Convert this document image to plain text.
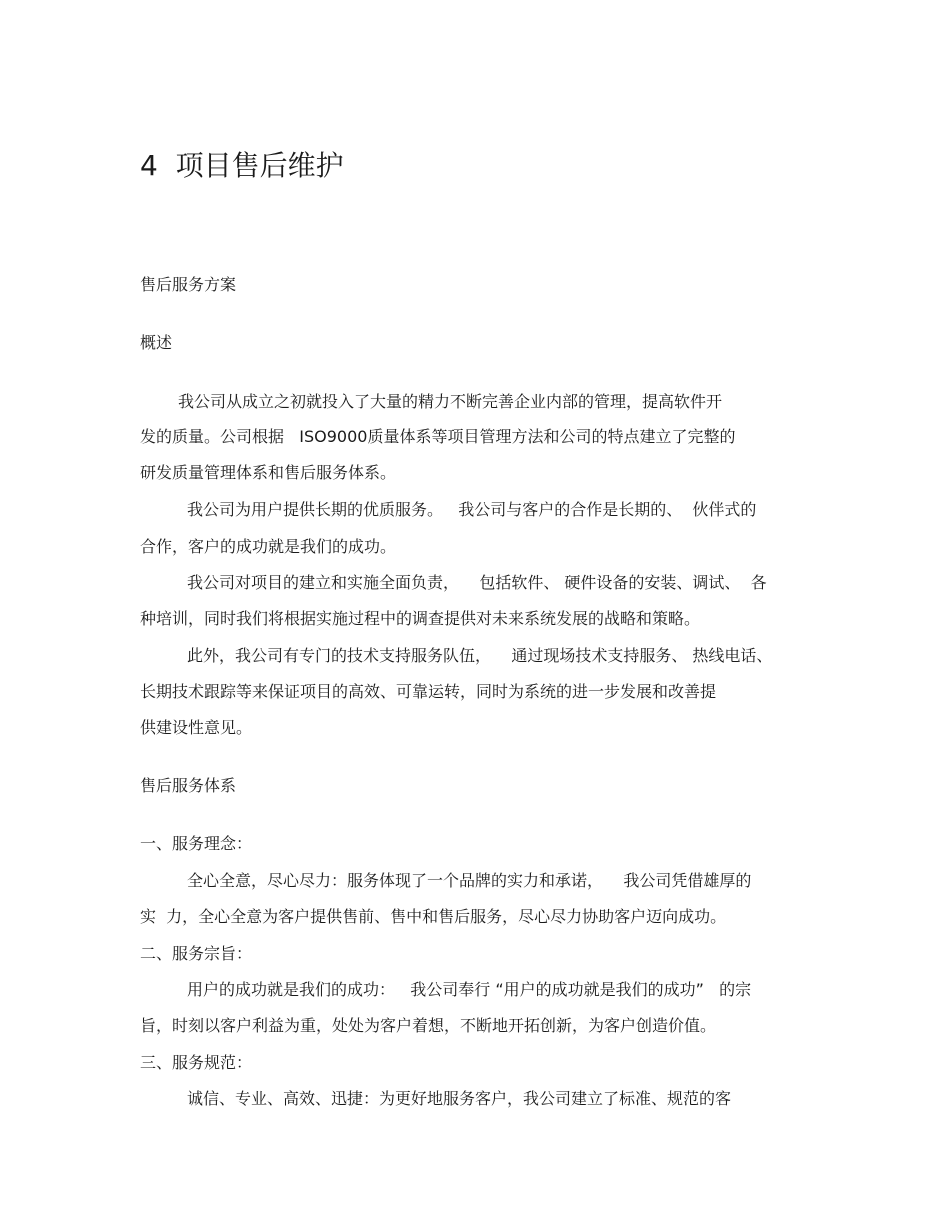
4  项目售后维护
售后服务方案
概述
我公司从成立之初就投入了大量的精力不断完善企业内部的管理，提高软件开
发的质量。公司根据   ISO9000质量体系等项目管理方法和公司的特点建立了完整的
研发质量管理体系和售后服务体系。
我公司为用户提供长期的优质服务。   我公司与客户的合作是长期的、  伙伴式的
合作，客户的成功就是我们的成功。
我公司对项目的建立和实施全面负责，    包括软件、 硬件设备的安装、调试、  各
种培训，同时我们将根据实施过程中的调查提供对未来系统发展的战略和策略。
此外，我公司有专门的技术支持服务队伍，    通过现场技术支持服务、 热线电话、
长期技术跟踪等来保证项目的高效、可靠运转，同时为系统的进一步发展和改善提
供建设性意见。
售后服务体系
一、服务理念：
全心全意，尽心尽力：服务体现了一个品牌的实力和承诺，    我公司凭借雄厚的
实  力，全心全意为客户提供售前、售中和售后服务，尽心尽力协助客户迈向成功。
二、服务宗旨：
用户的成功就是我们的成功：   我公司奉行 “用户的成功就是我们的成功”   的宗
旨，时刻以客户利益为重，处处为客户着想，不断地开拓创新，为客户创造价值。
三、服务规范：
诚信、专业、高效、迅捷：为更好地服务客户，我公司建立了标准、规范的客
